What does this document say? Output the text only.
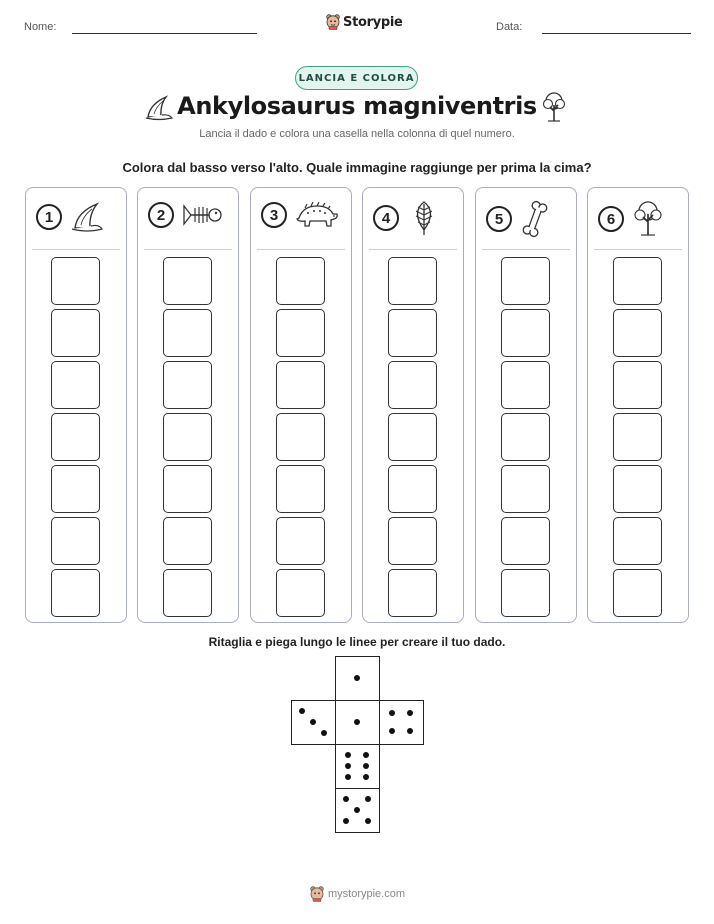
Nome:	Storypie	Data:
LANCIA E COLORA
Ankylosaurus magniventris
Lancia il dado e colora una casella nella colonna di quel numero.
Colora dal basso verso l'alto. Quale immagine raggiunge per prima la cima?
1	2	3	4	5	6
Ritaglia e piega lungo le linee per creare il tuo dado.
mystorypie.com
